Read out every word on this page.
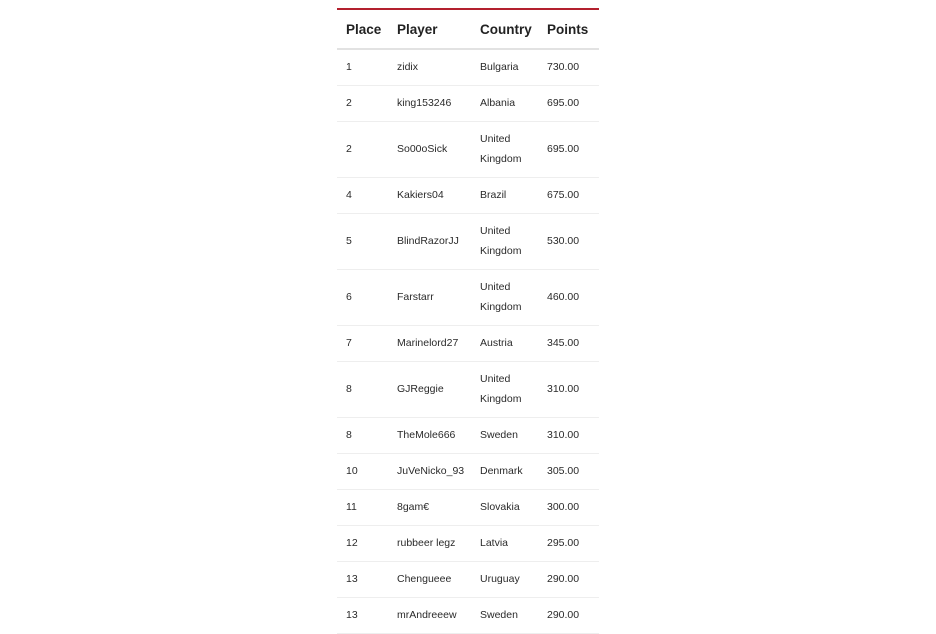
Place	Player	Country	Points
1	zidix	Bulgaria	730.00
2	king153246	Albania	695.00
2	So00oSick	United Kingdom	695.00
4	Kakiers04	Brazil	675.00
5	BlindRazorJJ	United Kingdom	530.00
6	Farstarr	United Kingdom	460.00
7	Marinelord27	Austria	345.00
8	GJReggie	United Kingdom	310.00
8	TheMole666	Sweden	310.00
10	JuVeNicko_93	Denmark	305.00
11	8gam€	Slovakia	300.00
12	rubbeer legz	Latvia	295.00
13	Chengueee	Uruguay	290.00
13	mrAndreeew	Sweden	290.00
